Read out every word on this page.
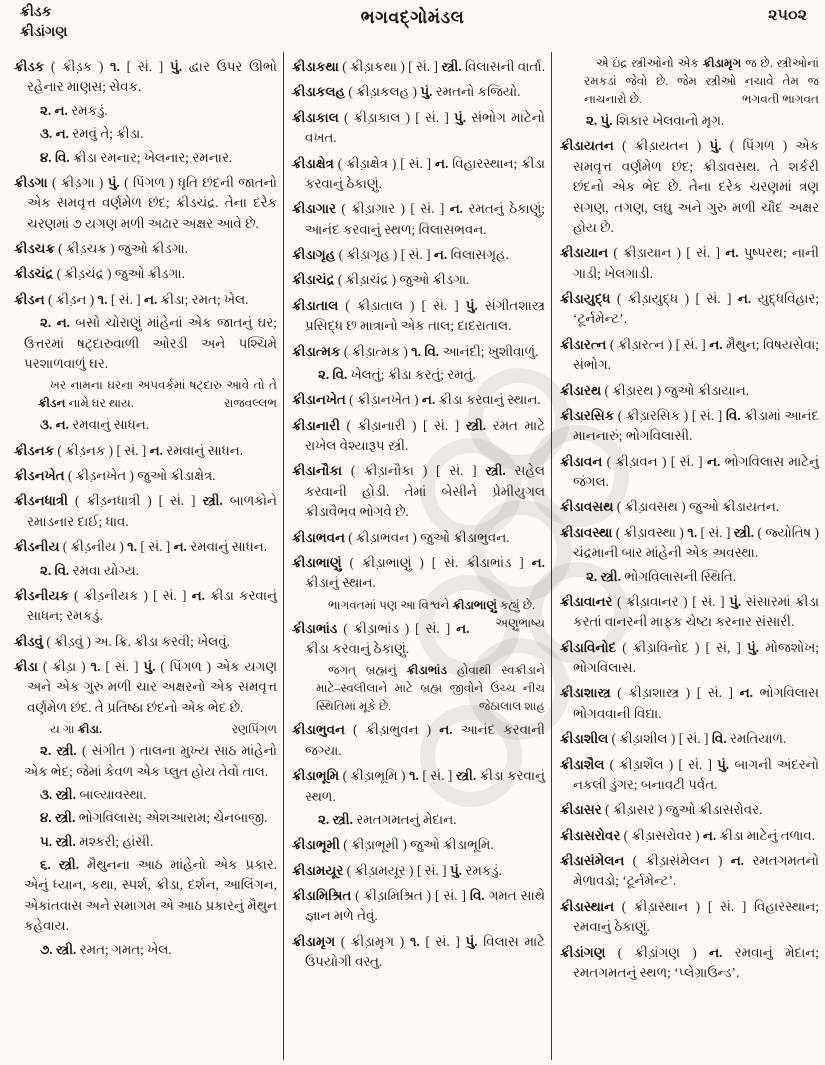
ક્રીડક
ક્રીડાંગણ
ભગવદ્ગોમંડલ	૨૫૦૨
ક્રીડક ( ક્રીડ઼ક ) ૧. [ સં. ] પું. દ્વાર ઉપર ઊભો રહેનાર માણસ; સેવક.
૨. ન. રમકડું.
૩. ન. રમવું તે; ક્રીડા.
૪. વિ. ક્રીડા રમનાર; ખેલનાર; રમનાર.
ક્રીડગા ( ક્રીડ઼ગા ) પું. ( પિંગળ ) ધૃતિ છંદની જાતનો એક સમવૃત્ત વર્ણમેળ છંદ; ક્રીડચંદ્ર. તેના દરેક ચરણમાં ૭ યગણ મળી અઢાર અક્ષર આવે છે.
ક્રીડચક્ર ( ક્રીડ઼ચક્ર ) જુઓ ક્રીડગા.
ક્રીડચંદ્ર ( ક્રીડ઼ચંદ્ર ) જુઓ ક્રીડગા.
ક્રીડન ( ક્રીડ઼ન ) ૧. [ સં. ] ન. ક્રીડા; રમત; ખેલ.
૨. ન. બસો ચોરાણું માંહેનાં એક જાતનું ઘર; ઉત્તરમાં ષટ્દારુવાળી ઓરડી અને પશ્ચિમે પરશાળવાળું ઘર.
ખર નામના ઘરના અપવર્કમાં ષટ્દારુ આવે તો તે ક્રીડન નામે ઘર થાય.	રાજવલ્લભ
૩. ન. રમવાનું સાધન.
ક્રીડનક ( ક્રીડ઼નક ) [ સં. ] ન. રમવાનું સાધન.
ક્રીડનખેત ( ક્રીડ઼નખેત ) જુઓ ક્રીડાક્ષેત્ર.
ક્રીડનધાત્રી ( ક્રીડ઼નધાત્રી ) [ સં. ] સ્ત્રી. બાળકોને રમાડનાર દાઈ; ધાવ.
ક્રીડનીય ( ક્રીડ઼નીય ) ૧. [ સં. ] ન. રમવાનું સાધન.
૨. વિ. રમવા યોગ્ય.
ક્રીડનીયક ( ક્રીડ઼નીયક ) [ સં. ] ન. ક્રીડા કરવાનું સાધન; રમકડું.
ક્રીડવું ( ક્રીડ઼વું ) અ. ક્રિ. ક્રીડા કરવી; ખેલવું.
ક્રીડા ( ક્રીડ઼ા ) ૧. [ સં. ] પું. ( પિંગળ ) એક યગણ અને એક ગુરુ મળી ચાર અક્ષરનો એક સમવૃત્ત વર્ણમેળ છંદ. તે પ્રતિષ્ઠા છંદનો એક ભેદ છે.
ય ગા ક્રીડા.	રણપિંગળ
૨. સ્ત્રી. ( સંગીત ) તાલના મુખ્ય સાઠ માંહેનો એક ભેદ; જેમાં કેવળ એક પ્લુત હોય તેવો તાલ.
૩. સ્ત્રી. બાલ્યાવસ્થા.
૪. સ્ત્રી. ભોગવિલાસ; એશઆરામ; ચેનબાજી.
૫. સ્ત્રી. મશ્કરી; હાંસી.
૬. સ્ત્રી. મૈથુનના આઠ માંહેનો એક પ્રકાર. એનું ધ્યાન, કથા, સ્પર્શ, ક્રીડા, દર્શન, આલિંગન, એકાંતવાસ અને સમાગમ એ આઠ પ્રકારનું મૈથુન કહેવાય.
૭. સ્ત્રી. રમત; ગમત; ખેલ.
ક્રીડાકથા ( ક્રીડ઼ાકથા ) [ સં. ] સ્ત્રી. વિલાસની વાર્તા.
ક્રીડાકલહ ( ક્રીડ઼ાકલહ ) પું. રમતનો કજિયો.
ક્રીડાકાલ ( ક્રીડ઼ાકાલ ) [ સં. ] પું. સંભોગ માટેનો વખત.
ક્રીડાક્ષેત્ર ( ક્રીડ઼ાક્ષેત્ર ) [ સં. ] ન. વિહારસ્થાન; ક્રીડા કરવાનું ઠેકાણું.
ક્રીડાગાર ( ક્રીડ઼ાગાર ) [ સં. ] ન. રમતનું ઠેકાણું; આનંદ કરવાનું સ્થળ; વિલાસભવન.
ક્રીડાગૃહ ( ક્રીડ઼ાગૃહ ) [ સં. ] ન. વિલાસગૃહ.
ક્રીડાચંદ્ર ( ક્રીડ઼ાચંદ્ર ) જુઓ ક્રીડગા.
ક્રીડાતાલ ( ક્રીડ઼ાતાલ ) [ સં. ] પું. સંગીતશાસ્ત્ર પ્રસિદ્ધ છ માત્રાનો એક તાલ; દાદરાતાલ.
ક્રીડાત્મક ( ક્રીડ઼ાત્મક ) ૧. વિ. આનંદી; ખુશીવાળું.
૨. વિ. ખેલતું; ક્રીડા કરતું; રમતું.
ક્રીડાનખેત ( ક્રીડ઼ાનખેત ) ન. ક્રીડા કરવાનું સ્થાન.
ક્રીડાનારી ( ક્રીડ઼ાનારી ) [ સં. ] સ્ત્રી. રમત માટે રાખેલ વેશ્યારૂપ સ્ત્રી.
ક્રીડાનૌકા ( ક્રીડ઼ાનૌકા ) [ સં. ] સ્ત્રી. સહેલ કરવાની હોડી. તેમાં બેસીને પ્રેમીયુગલ ક્રીડાવૈભવ ભોગવે છે.
ક્રીડાભવન ( ક્રીડ઼ાભવન ) જુઓ ક્રીડાભુવન.
ક્રીડાભાણું ( ક્રીડ઼ાભાણું ) [ સં. ક્રીડાભાંડ ] ન. ક્રીડાનું સ્થાન.
ભાગવતમાં પણ આ વિશ્વને ક્રીડાભાણું કહ્યું છે.
અણુભાષ્ય
ક્રીડાભાંડ ( ક્રીડ઼ાભાંડ ) [ સં. ] ન. ક્રીડા કરવાનું ઠેકાણું.
જગત્ બ્રહ્મનું ક્રીડાભાંડ હોવાથી સ્વક્રીડાને માટે–સ્વલીલાને માટે બ્રહ્મ જીવોને ઉચ્ચ નીચ સ્થિતિમાં મૂકે છે.	જેઠાલાલ શાહ
ક્રીડાભુવન ( ક્રીડ઼ાભુવન ) ન. આનંદ કરવાની જગ્યા.
ક્રીડાભૂમિ ( ક્રીડ઼ાભૂમિ ) ૧. [ સં. ] સ્ત્રી. ક્રીડા કરવાનું સ્થળ.
૨. સ્ત્રી. રમતગમતનું મેદાન.
ક્રીડાભૂમી ( ક્રીડ઼ાભૂમી ) જુઓ ક્રીડાભૂમિ.
ક્રીડામયૂર ( ક્રીડ઼ામયૂર ) [ સં. ] પું. રમકડું.
ક્રીડામિશ્રિત ( ક્રીડ઼ામિશ્રિત ) [ સં. ] વિ. ગમત સાથે જ્ઞાન મળે તેવું.
ક્રીડામૃગ ( ક્રીડ઼ામૃગ ) ૧. [ સં. ] પું. વિલાસ માટે ઉપયોગી વસ્તુ.
એ ઇંદ્ર સ્ત્રીઓનો એક ક્રીડામૃગ જ છે. સ્ત્રીઓનાં રમકડાં જેવો છે. જેમ સ્ત્રીઓ નચાવે તેમ જ નાચનારો છે.	ભગવતી ભાગવત
૨. પું. શિકાર ખેલવાનો મૃગ.
ક્રીડાયતન ( ક્રીડ઼ાયતન ) પું. ( પિંગળ ) એક સમવૃત્ત વર્ણમેળ છંદ; ક્રીડાવસથ. તે શર્કરી છંદનો એક ભેદ છે. તેના દરેક ચરણમાં ત્રણ સગણ, તગણ, લઘુ અને ગુરુ મળી ચૌદ અક્ષર હોય છે.
ક્રીડાયાન ( ક્રીડ઼ાયાન ) [ સં. ] ન. પુષ્પરથ; નાની ગાડી; ખેલગાડી.
ક્રીડાયુદ્ધ ( ક્રીડ઼ાયુદ્ધ ) [ સં. ] ન. યુદ્ધવિહાર; ‘ટૂર્નમેન્ટ’.
ક્રીડારત્ન ( ક્રીડ઼ારત્ન ) [ સં. ] ન. મૈથુન; વિષયસેવા; સંભોગ.
ક્રીડારથ ( ક્રીડ઼ારથ ) જુઓ ક્રીડાયાન.
ક્રીડારસિક ( ક્રીડ઼ારસિક ) [ સં. ] વિ. ક્રીડામાં આનંદ માનનારું; ભોગવિલાસી.
ક્રીડાવન ( ક્રીડ઼ાવન ) [ સં. ] ન. ભોગવિલાસ માટેનું જંગલ.
ક્રીડાવસથ ( ક્રીડ઼ાવસથ ) જુઓ ક્રીડાયતન.
ક્રીડાવસ્થા ( ક્રીડ઼ાવસ્થા ) ૧. [ સં. ] સ્ત્રી. ( જ્યોતિષ ) ચંદ્રમાની બાર માંહેની એક અવસ્થા.
૨. સ્ત્રી. ભોગવિલાસની સ્થિતિ.
ક્રીડાવાનર ( ક્રીડ઼ાવાનર ) [ સં. ] પું. સંસારમાં ક્રીડા કરતાં વાનરની માફક ચેષ્ટા કરનાર સંસારી.
ક્રીડાવિનોદ ( ક્રીડ઼ાવિનોદ ) [ સં, ] પું. મોજશોખ; ભોગવિલાસ.
ક્રીડાશાસ્ત્ર ( ક્રીડ઼ાશાસ્ત્ર ) [ સં. ] ન. ભોગવિલાસ ભોગવવાની વિદ્યા.
ક્રીડાશીલ ( ક્રીડ઼ાશીલ ) [ સં. ] વિ. રમતિયાળ.
ક્રીડાશૈલ ( ક્રીડ઼ાશૈલ ) [ સં. ] પું. બાગની અંદરનો નકલી ડુંગર; બનાવટી પર્વત.
ક્રીડાસર ( ક્રીડ઼ાસર ) જુઓ ક્રીડાસરોવર.
ક્રીડાસરોવર ( ક્રીડ઼ાસરોવર ) ન. ક્રીડા માટેનું તળાવ.
ક્રીડાસંમેલન ( ક્રીડ઼ાસંમેલન ) ન. રમતગમતનો મેળાવડો; ‘ટૂર્નમેન્ટ’.
ક્રીડાસ્થાન ( ક્રીડ઼ાસ્થાન ) [ સં. ] વિહારસ્થાન; રમવાનું ઠેકાણું.
ક્રીડાંગણ ( ક્રીડ઼ાંગણ ) ન. રમવાનું મેદાન; રમતગમતનું સ્થળ; ‘પ્લેગ્રાઉન્ડ’.
